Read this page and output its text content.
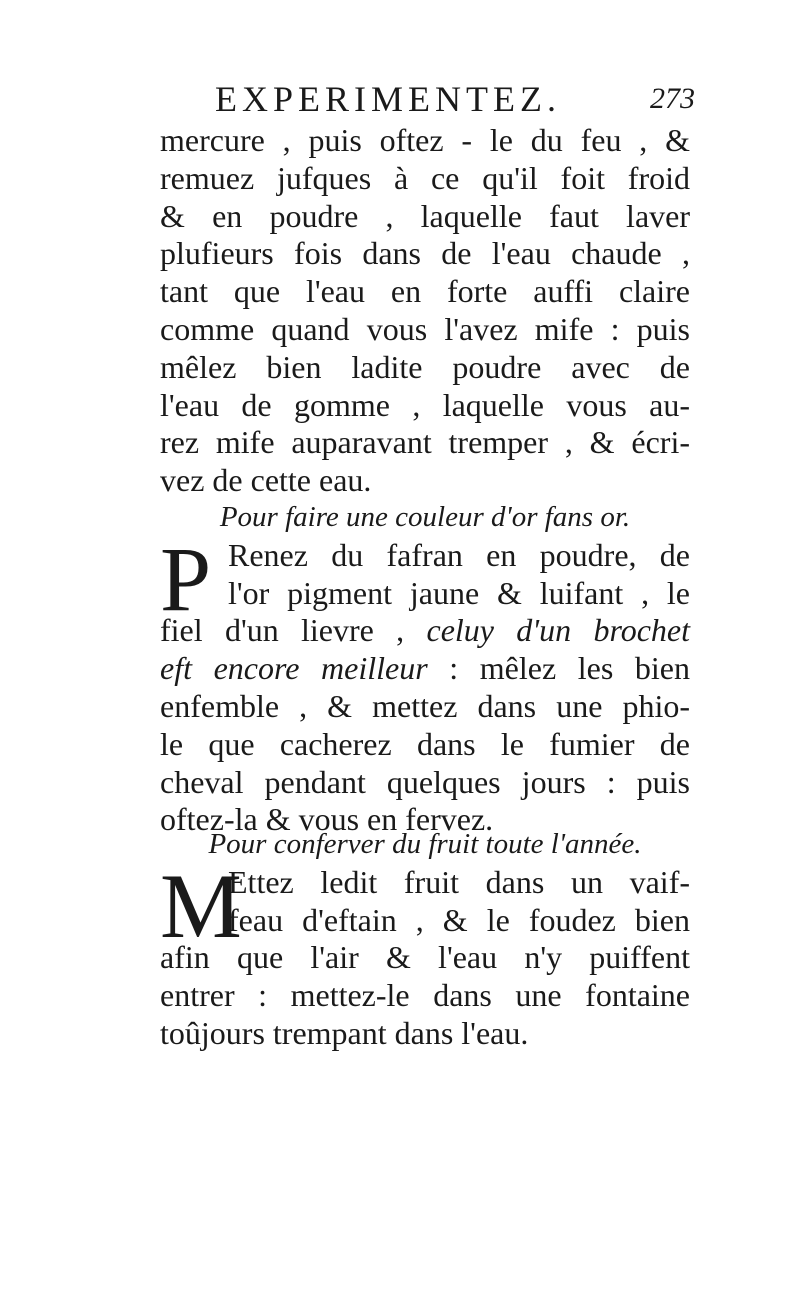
EXPERIMENTEZ.	273
mercure , puis oftez - le du feu , &
remuez jufques à ce qu'il foit froid
& en poudre , laquelle faut laver
plufieurs fois dans de l'eau chaude ,
tant que l'eau en forte auffi claire
comme quand vous l'avez mife : puis
mêlez bien ladite poudre avec de
l'eau de gomme , laquelle vous au-
rez mife auparavant tremper , & écri-
vez de cette eau.
Pour faire une couleur d'or fans or.
P Renez du fafran en poudre, de
l'or pigment jaune & luifant , le
fiel d'un lievre , celuy d'un brochet
eft encore meilleur : mêlez les bien
enfemble , & mettez dans une phio-
le que cacherez dans le fumier de
cheval pendant quelques jours : puis
oftez-la & vous en fervez.
Pour conferver du fruit toute l'année.
M
Ettez ledit fruit dans un vaif-
feau d'eftain , & le foudez bien
afin que l'air & l'eau n'y puiffent
entrer : mettez-le dans une fontaine
toûjours trempant dans l'eau.
